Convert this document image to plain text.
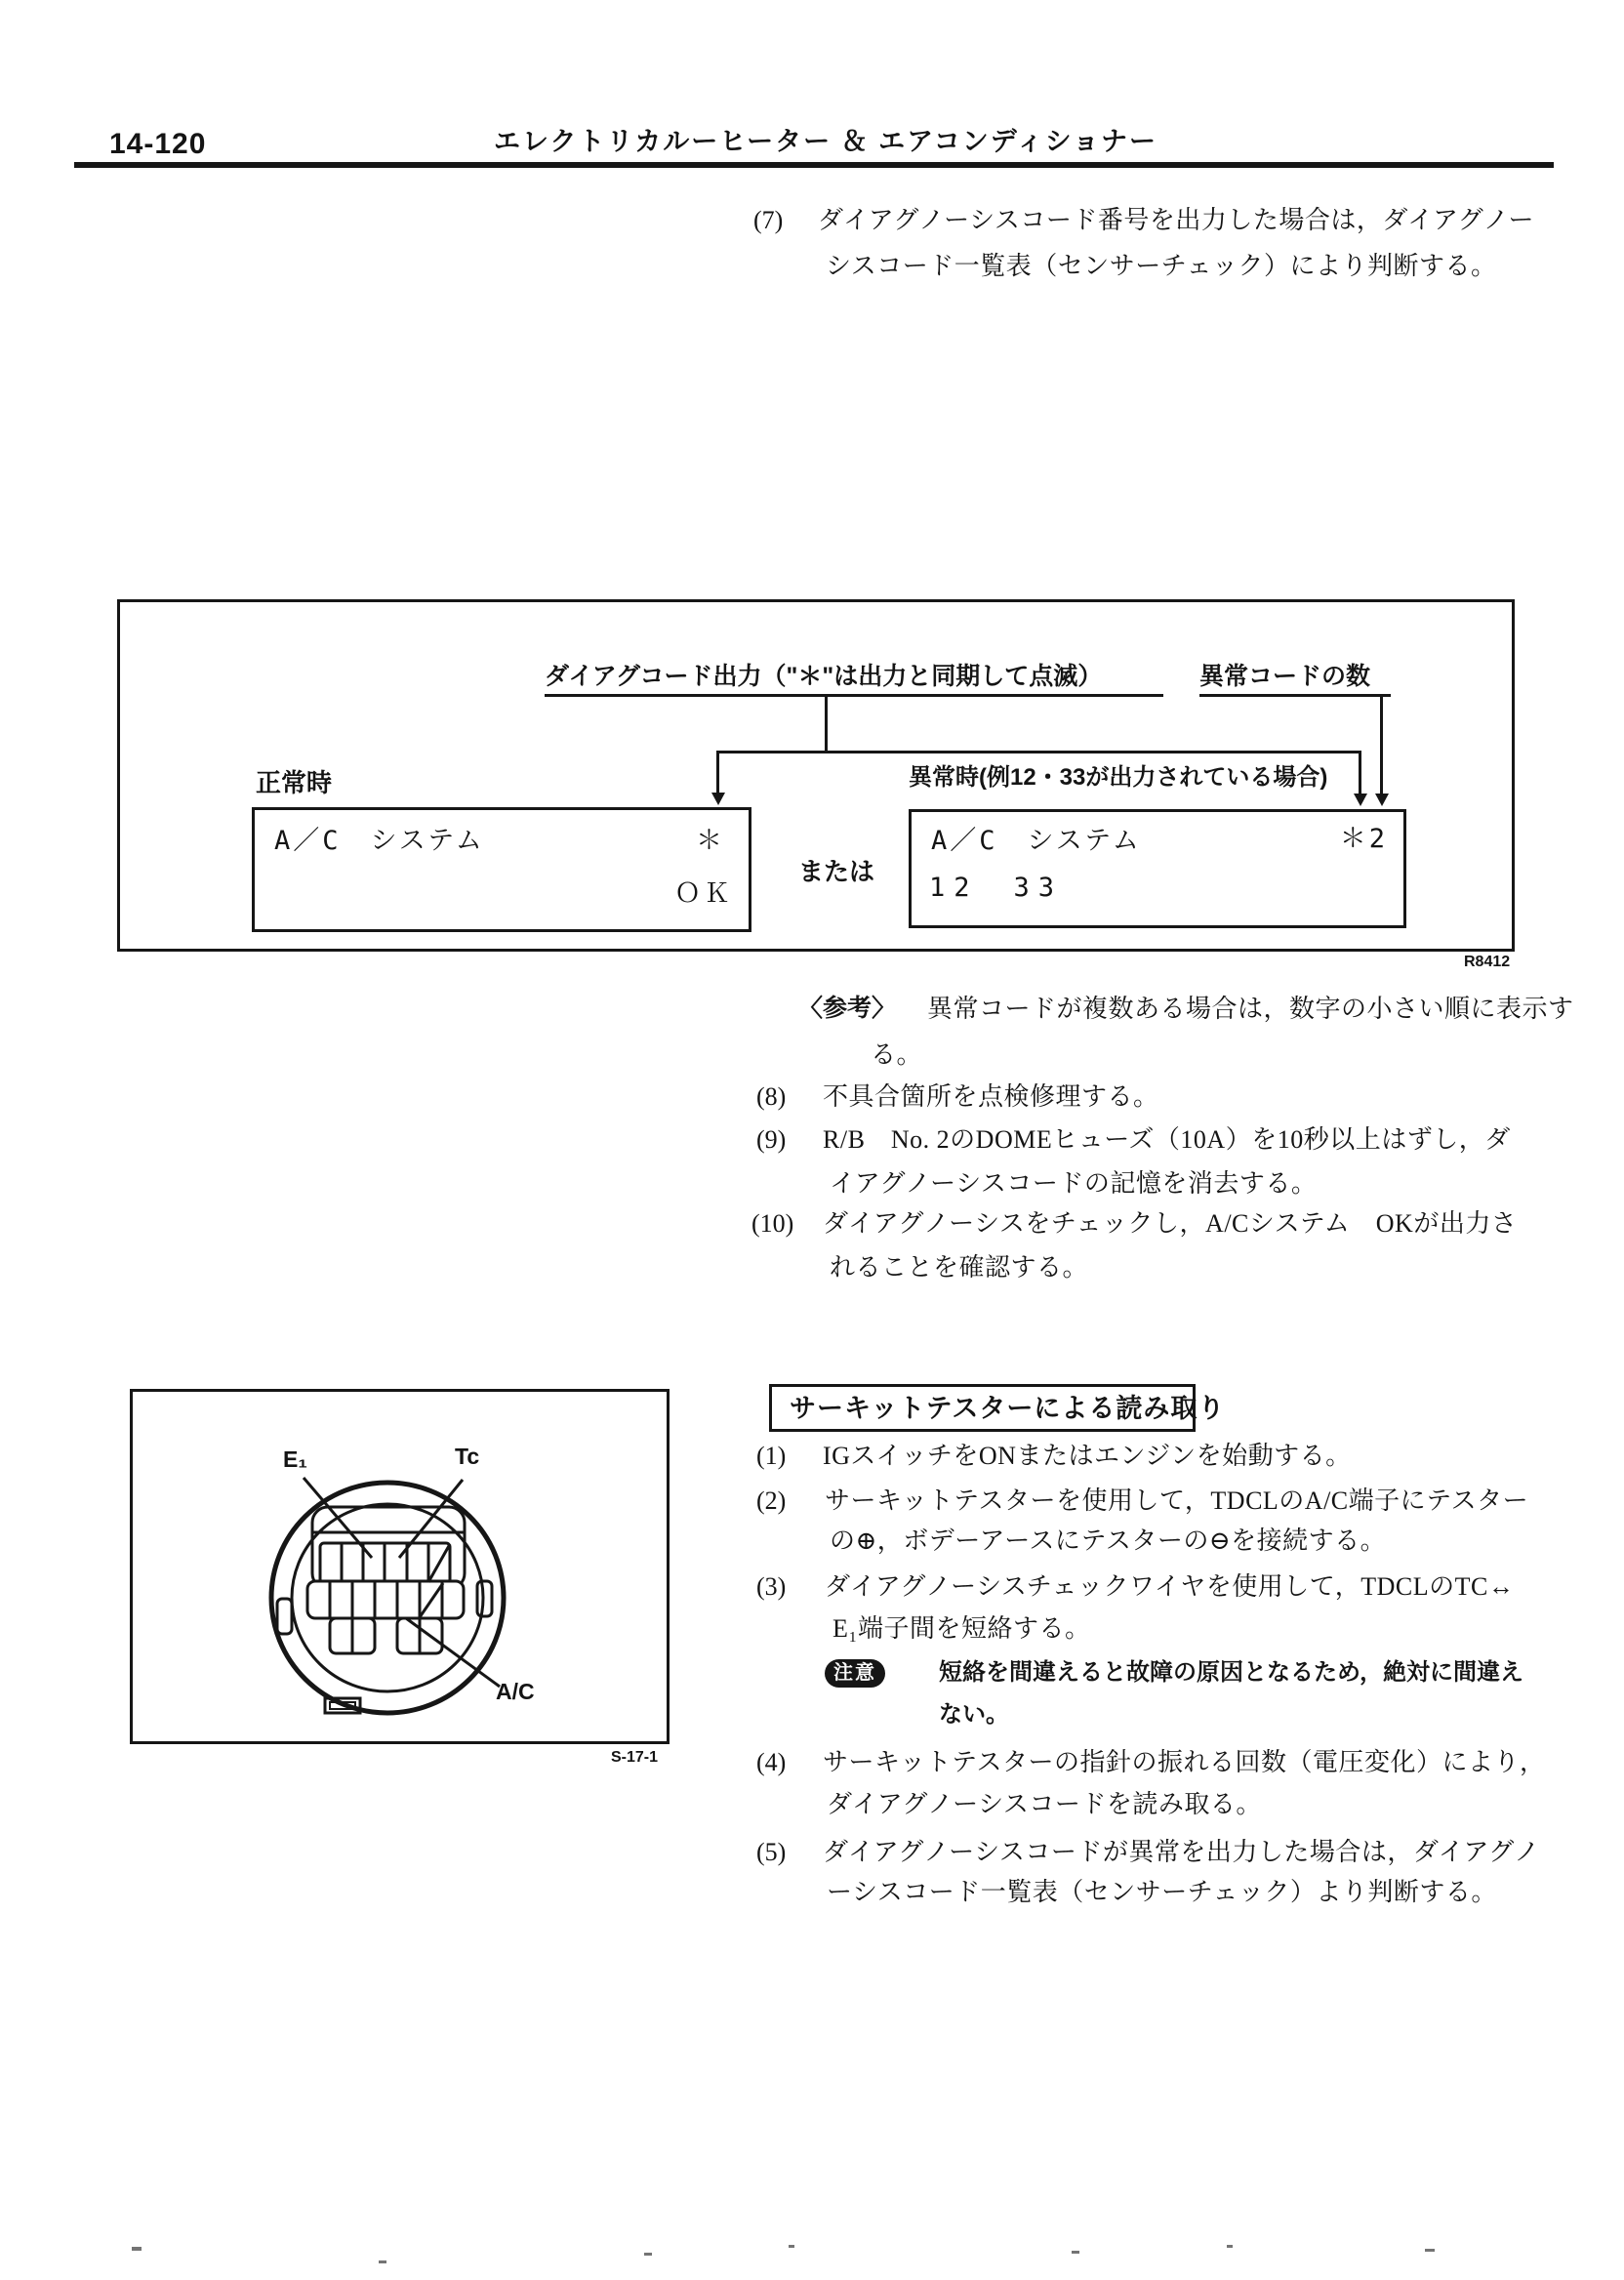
14-120	エレクトリカルーヒーター ＆ エアコンディショナー
(7) ダイアグノーシスコード番号を出力した場合は，ダイアグノー
シスコード一覧表（センサーチェック）により判断する。
ダイアグコード出力（"＊"は出力と同期して点滅）	異常コードの数
正常時	異常時(例12・33が出力されている場合)
A／C　システム	＊
ＯＫ
または
A／C　システム	＊2
12　33
R8412
〈参考〉 異常コードが複数ある場合は，数字の小さい順に表示す
る。
(8) 不具合箇所を点検修理する。
(9) R/B　No. 2のDOMEヒューズ（10A）を10秒以上はずし，ダ
イアグノーシスコードの記憶を消去する。
(10) ダイアグノーシスをチェックし，A/Cシステム　OKが出力さ
れることを確認する。
E₁	Tc
A/C
S-17-1
サーキットテスターによる読み取り
(1) IGスイッチをONまたはエンジンを始動する。
(2) サーキットテスターを使用して，TDCLのA/C端子にテスター
の⊕，ボデーアースにテスターの⊖を接続する。
(3) ダイアグノーシスチェックワイヤを使用して，TDCLのTC↔
E₁端子間を短絡する。
注意	短絡を間違えると故障の原因となるため，絶対に間違え
ない。
(4) サーキットテスターの指針の振れる回数（電圧変化）により，
ダイアグノーシスコードを読み取る。
(5) ダイアグノーシスコードが異常を出力した場合は，ダイアグノ
ーシスコード一覧表（センサーチェック）より判断する。
